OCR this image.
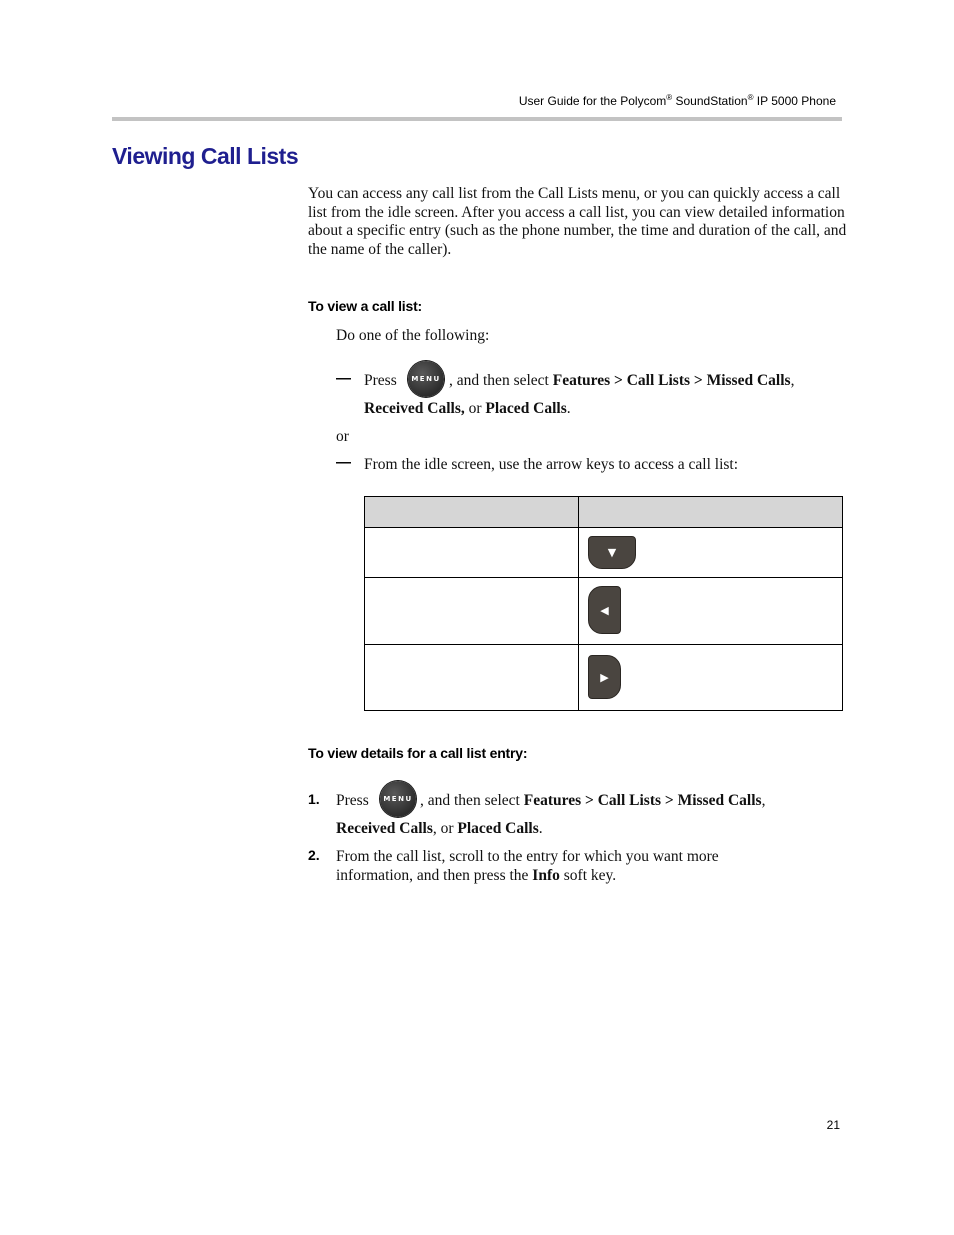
User Guide for the Polycom® SoundStation® IP 5000 Phone
Viewing Call Lists

You can access any call list from the Call Lists menu, or you can quickly access a call list from the idle screen. After you access a call list, you can view detailed information about a specific entry (such as the phone number, the time and duration of the call, and the name of the caller).

To view a call list:
Do one of the following:
— Press MENU , and then select Features > Call Lists > Missed Calls,
Received Calls, or Placed Calls.
or
— From the idle screen, use the arrow keys to access a call list:

	▼

	◀

	▶
To view details for a call list entry:
1. Press MENU , and then select Features > Call Lists > Missed Calls,
Received Calls, or Placed Calls.
2. From the call list, scroll to the entry for which you want more
information, and then press the Info soft key.
21
